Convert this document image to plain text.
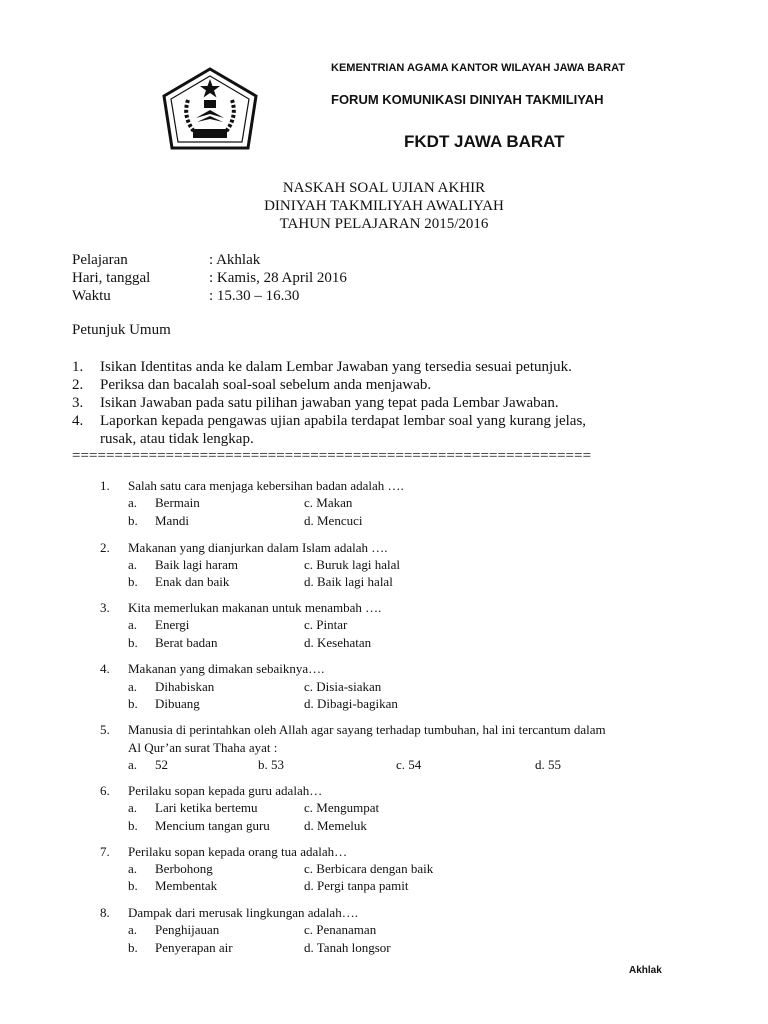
KEMENTRIAN AGAMA KANTOR WILAYAH JAWA BARAT
FORUM KOMUNIKASI DINIYAH TAKMILIYAH
FKDT JAWA BARAT
NASKAH SOAL UJIAN AKHIR
DINIYAH TAKMILIYAH AWALIYAH
TAHUN PELAJARAN 2015/2016
Pelajaran	: Akhlak
Hari, tanggal	: Kamis, 28 April 2016
Waktu	: 15.30 – 16.30
Petunjuk Umum
1. Isikan Identitas anda ke dalam Lembar Jawaban yang tersedia sesuai petunjuk.
2. Periksa dan bacalah soal-soal sebelum anda menjawab.
3. Isikan Jawaban pada satu pilihan jawaban yang tepat pada Lembar Jawaban.
4. Laporkan kepada pengawas ujian apabila terdapat lembar soal yang kurang jelas,
rusak, atau tidak lengkap.
=============================================================
1. Salah satu cara menjaga kebersihan badan adalah ….
a. Bermain	c. Makan
b. Mandi	d. Mencuci
2. Makanan yang dianjurkan dalam Islam adalah ….
a. Baik lagi haram	c. Buruk lagi halal
b. Enak dan baik	d. Baik lagi halal
3. Kita memerlukan makanan untuk menambah ….
a. Energi	c. Pintar
b. Berat badan	d. Kesehatan
4. Makanan yang dimakan sebaiknya….
a. Dihabiskan	c. Disia-siakan
b. Dibuang	d. Dibagi-bagikan
5. Manusia di perintahkan oleh Allah agar sayang terhadap tumbuhan, hal ini tercantum dalam
Al Qur’an surat Thaha ayat :
a. 52	b. 53	c. 54	d. 55
6. Perilaku sopan kepada guru adalah…
a. Lari ketika bertemu	c. Mengumpat
b. Mencium tangan guru	d. Memeluk
7. Perilaku sopan kepada orang tua adalah…
a. Berbohong	c. Berbicara dengan baik
b. Membentak	d. Pergi tanpa pamit
8. Dampak dari merusak lingkungan adalah….
a. Penghijauan	c. Penanaman
b. Penyerapan air	d. Tanah longsor
Akhlak
